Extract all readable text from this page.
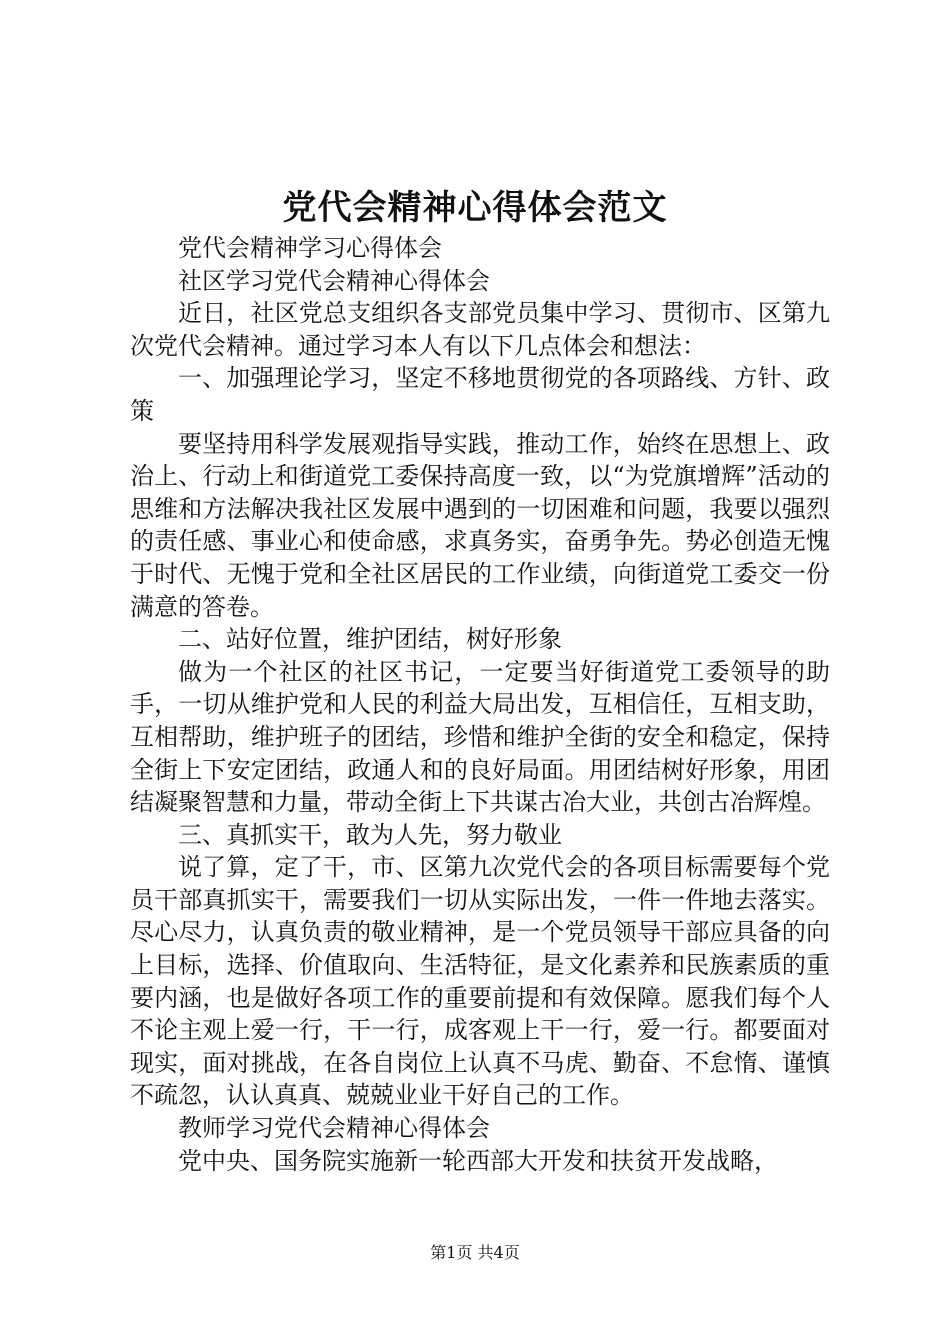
党代会精神心得体会范文

党代会精神学习心得体会

社区学习党代会精神心得体会

近日，社区党总支组织各支部党员集中学习、贯彻市、区第九次党代会精神。通过学习本人有以下几点体会和想法：

一、加强理论学习，坚定不移地贯彻党的各项路线、方针、政策

要坚持用科学发展观指导实践，推动工作，始终在思想上、政治上、行动上和街道党工委保持高度一致，以“为党旗增辉”活动的思维和方法解决我社区发展中遇到的一切困难和问题，我要以强烈的责任感、事业心和使命感，求真务实，奋勇争先。势必创造无愧于时代、无愧于党和全社区居民的工作业绩，向街道党工委交一份满意的答卷。

二、站好位置，维护团结，树好形象

做为一个社区的社区书记，一定要当好街道党工委领导的助手，一切从维护党和人民的利益大局出发，互相信任，互相支助，互相帮助，维护班子的团结，珍惜和维护全街的安全和稳定，保持全街上下安定团结，政通人和的良好局面。用团结树好形象，用团结凝聚智慧和力量，带动全街上下共谋古冶大业，共创古冶辉煌。

三、真抓实干，敢为人先，努力敬业

说了算，定了干，市、区第九次党代会的各项目标需要每个党员干部真抓实干，需要我们一切从实际出发，一件一件地去落实。尽心尽力，认真负责的敬业精神，是一个党员领导干部应具备的向上目标，选择、价值取向、生活特征，是文化素养和民族素质的重要内涵，也是做好各项工作的重要前提和有效保障。愿我们每个人不论主观上爱一行，干一行，成客观上干一行，爱一行。都要面对现实，面对挑战，在各自岗位上认真不马虎、勤奋、不怠惰、谨慎不疏忽，认认真真、兢兢业业干好自己的工作。

教师学习党代会精神心得体会

党中央、国务院实施新一轮西部大开发和扶贫开发战略，

第1页 共4页
